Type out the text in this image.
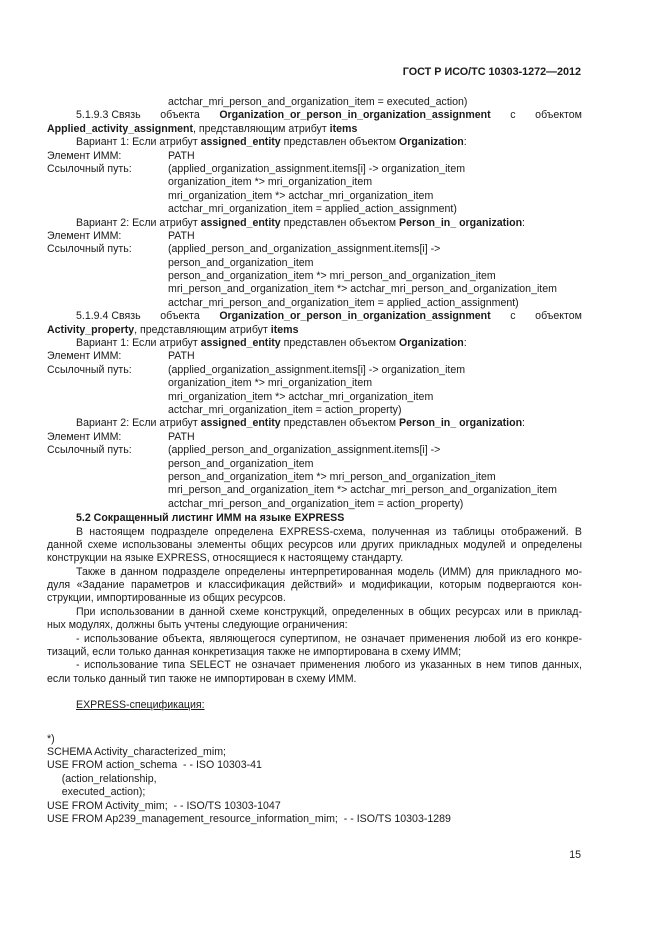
ГОСТ Р ИСО/ТС 10303-1272—2012
actchar_mri_person_and_organization_item = executed_action)
5.1.9.3 Связь объекта Organization_or_person_in_organization_assignment с объектом
Applied_activity_assignment, представляющим атрибут items
Вариант 1: Если атрибут assigned_entity представлен объектом Organization:
Элемент ИММ:	PATH
Ссылочный путь:	(applied_organization_assignment.items[i] -> organization_item
organization_item *> mri_organization_item
mri_organization_item *> actchar_mri_organization_item
actchar_mri_organization_item = applied_action_assignment)
Вариант 2: Если атрибут assigned_entity представлен объектом Person_in_ organization:
Элемент ИММ:	PATH
Ссылочный путь:	(applied_person_and_organization_assignment.items[i] ->
person_and_organization_item
person_and_organization_item *> mri_person_and_organization_item
mri_person_and_organization_item *> actchar_mri_person_and_organization_item
actchar_mri_person_and_organization_item = applied_action_assignment)
5.1.9.4 Связь объекта Organization_or_person_in_organization_assignment с объектом
Activity_property, представляющим атрибут items
Вариант 1: Если атрибут assigned_entity представлен объектом Organization:
Элемент ИММ:	PATH
Ссылочный путь:	(applied_organization_assignment.items[i] -> organization_item
organization_item *> mri_organization_item
mri_organization_item *> actchar_mri_organization_item
actchar_mri_organization_item = action_property)
Вариант 2: Если атрибут assigned_entity представлен объектом Person_in_ organization:
Элемент ИММ:	PATH
Ссылочный путь:	(applied_person_and_organization_assignment.items[i] ->
person_and_organization_item
person_and_organization_item *> mri_person_and_organization_item
mri_person_and_organization_item *> actchar_mri_person_and_organization_item
actchar_mri_person_and_organization_item = action_property)
5.2 Сокращенный листинг ИММ на языке EXPRESS
В настоящем подразделе определена EXPRESS-схема, полученная из таблицы отображений. В
данной схеме использованы элементы общих ресурсов или других прикладных модулей и определены
конструкции на языке EXPRESS, относящиеся к настоящему стандарту.
Также в данном подразделе определены интерпретированная модель (ИММ) для прикладного мо-
дуля «Задание параметров и классификация действий» и модификации, которым подвергаются кон-
струкции, импортированные из общих ресурсов.
При использовании в данной схеме конструкций, определенных в общих ресурсах или в приклад-
ных модулях, должны быть учтены следующие ограничения:
- использование объекта, являющегося супертипом, не означает применения любой из его конкре-
тизаций, если только данная конкретизация также не импортирована в схему ИММ;
- использование типа SELECT не означает применения любого из указанных в нем типов данных,
если только данный тип также не импортирован в схему ИММ.
EXPRESS-спецификация:
*)
SCHEMA Activity_characterized_mim;
USE FROM action_schema  - - ISO 10303-41
(action_relationship,
executed_action);
USE FROM Activity_mim;  - - ISO/TS 10303-1047
USE FROM Ap239_management_resource_information_mim;  - - ISO/TS 10303-1289
15
